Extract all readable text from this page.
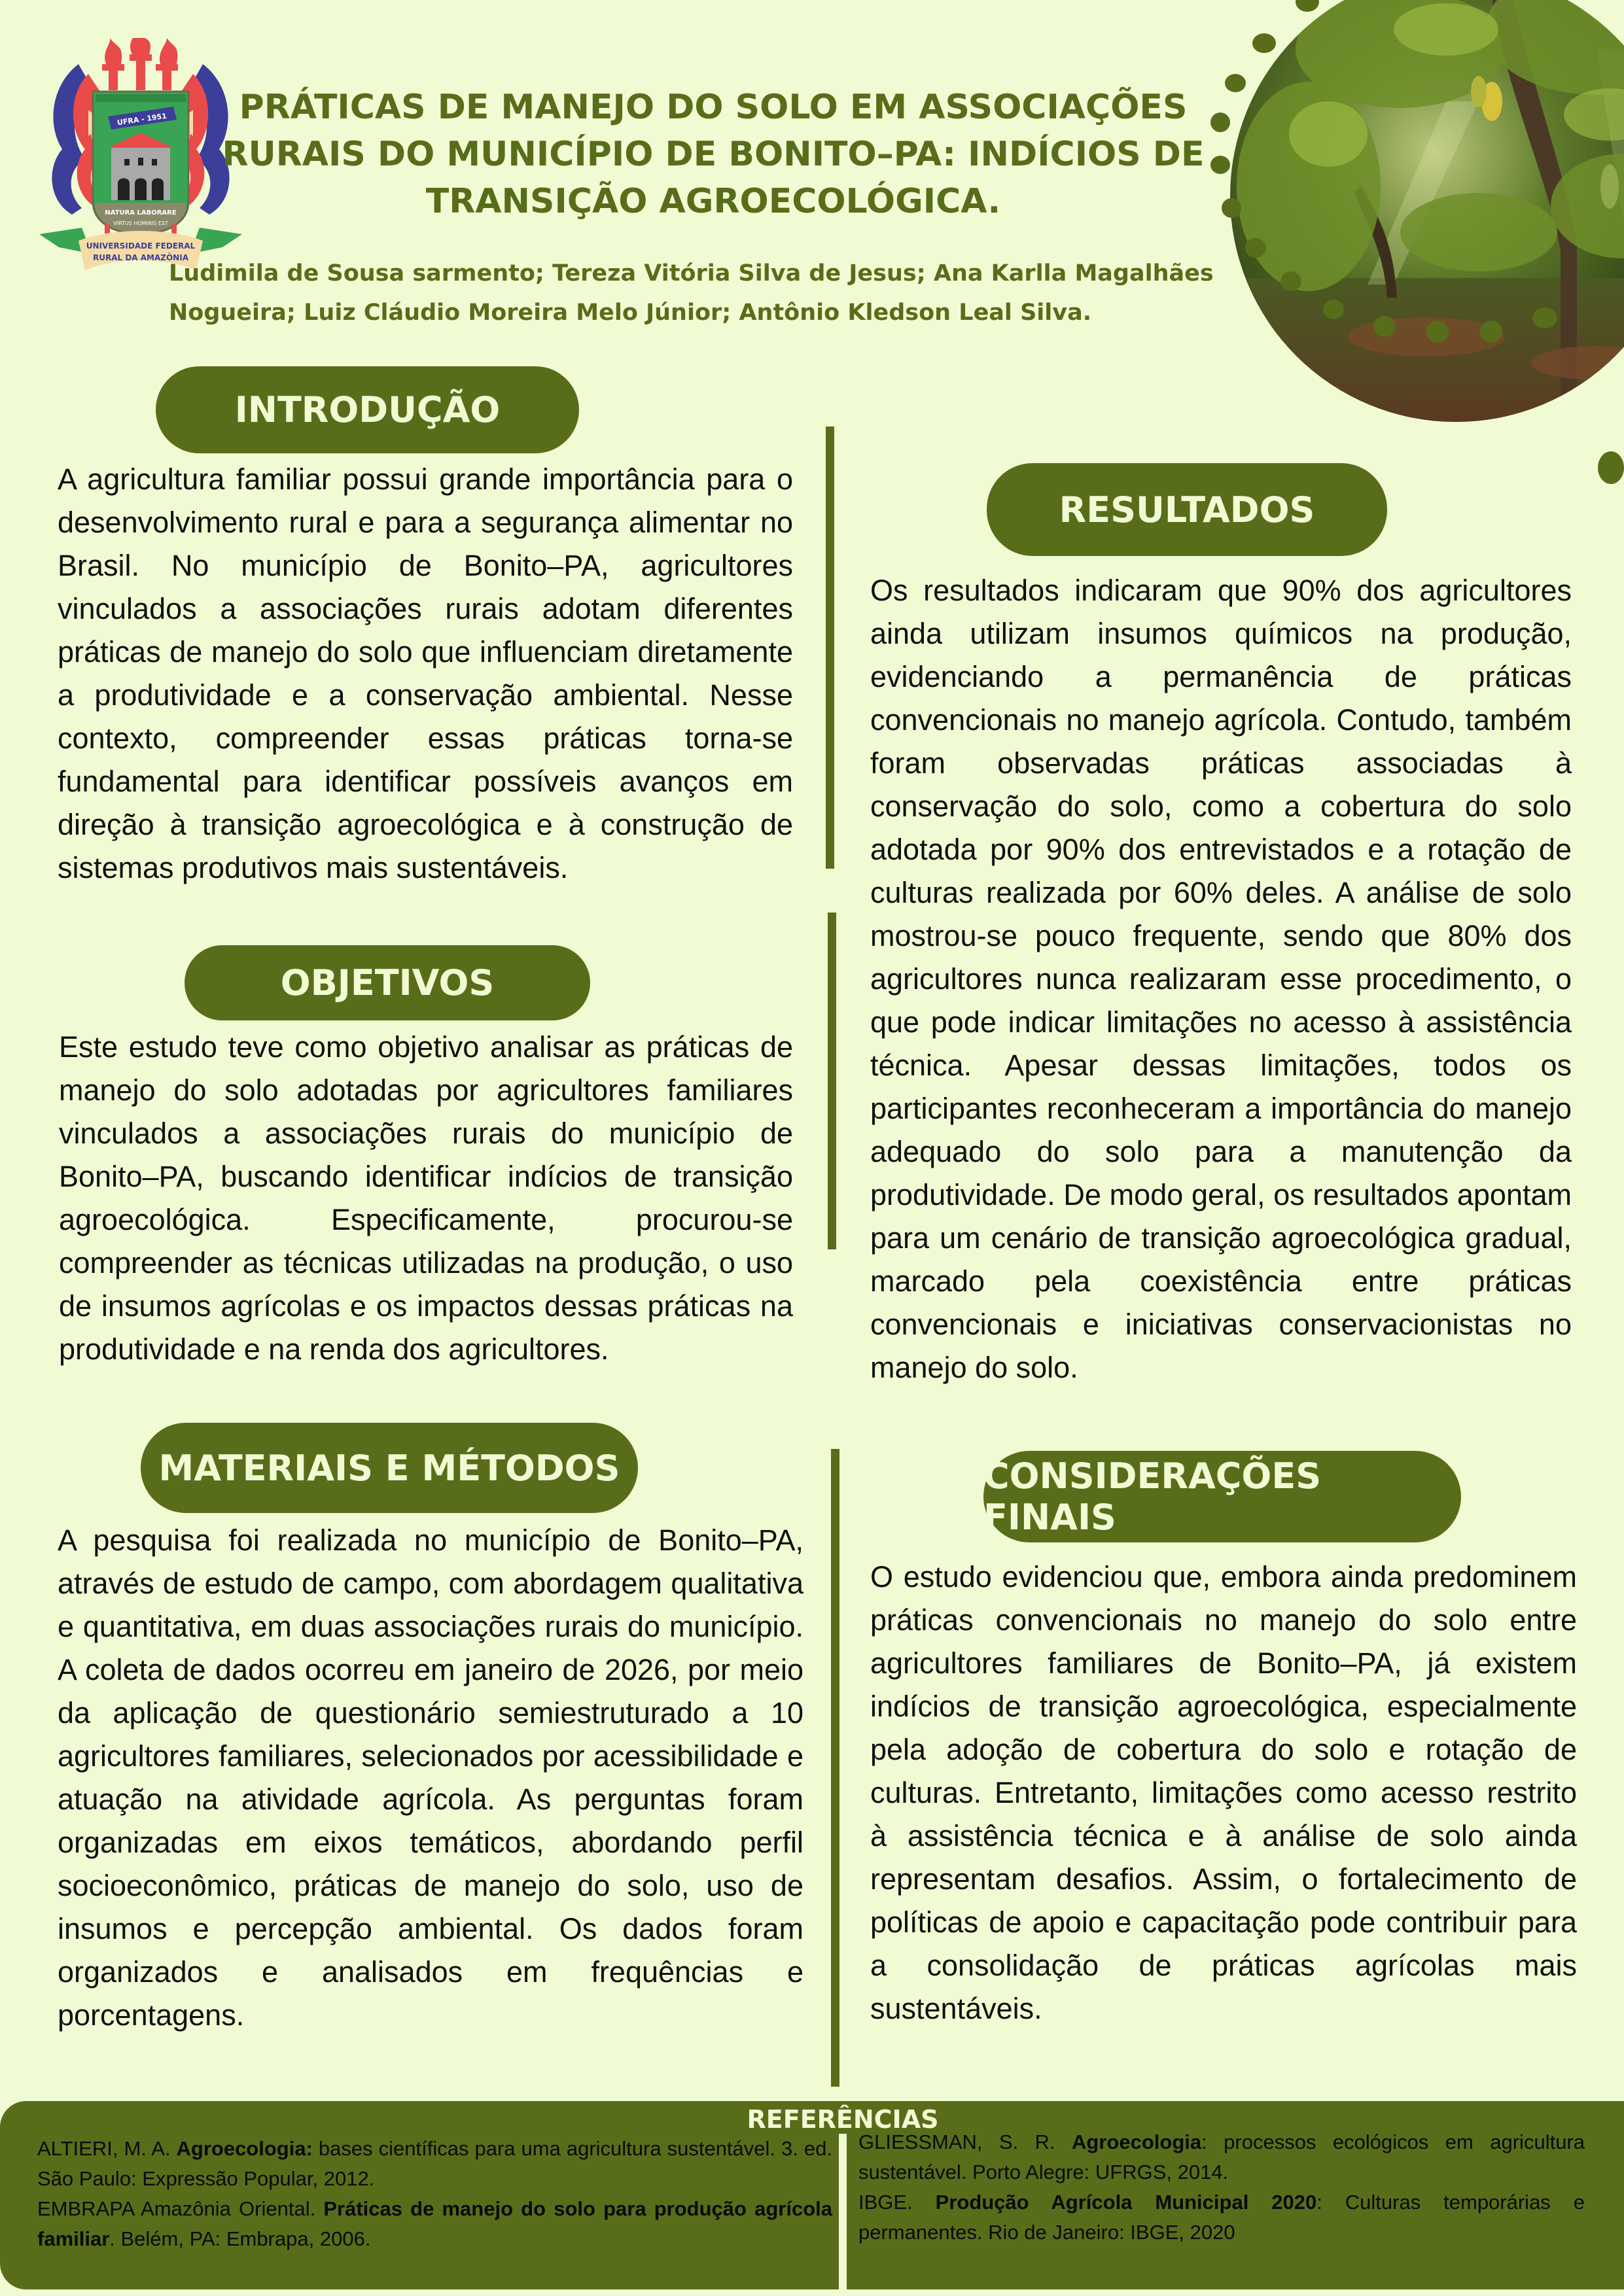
UFRA - 1951
NATURA LABORARE
VIRTUS HOMINIS EST
UNIVERSIDADE FEDERAL
RURAL DA AMAZÔNIA
PRÁTICAS DE MANEJO DO SOLO EM ASSOCIAÇÕES
RURAIS DO MUNICÍPIO DE BONITO–PA: INDÍCIOS DE
TRANSIÇÃO AGROECOLÓGICA.
Ludimila de Sousa sarmento; Tereza Vitória Silva de Jesus; Ana Karlla Magalhães
Nogueira; Luiz Cláudio Moreira Melo Júnior; Antônio Kledson Leal Silva.
INTRODUÇÃO
A agricultura familiar possui grande importância para o desenvolvimento rural e para a segurança alimentar no Brasil. No município de Bonito–PA, agricultores vinculados a associações rurais adotam diferentes práticas de manejo do solo que influenciam diretamente a produtividade e a conservação ambiental. Nesse contexto, compreender essas práticas torna-se fundamental para identificar possíveis avanços em direção à transição agroecológica e à construção de sistemas produtivos mais sustentáveis.
OBJETIVOS
Este estudo teve como objetivo analisar as práticas de manejo do solo adotadas por agricultores familiares vinculados a associações rurais do município de Bonito–PA, buscando identificar indícios de transição agroecológica. Especificamente, procurou-se compreender as técnicas utilizadas na produção, o uso de insumos agrícolas e os impactos dessas práticas na produtividade e na renda dos agricultores.
MATERIAIS E MÉTODOS
A pesquisa foi realizada no município de Bonito–PA, através de estudo de campo, com abordagem qualitativa e quantitativa, em duas associações rurais do município. A coleta de dados ocorreu em janeiro de 2026, por meio da aplicação de questionário semiestruturado a 10 agricultores familiares, selecionados por acessibilidade e atuação na atividade agrícola. As perguntas foram organizadas em eixos temáticos, abordando perfil socioeconômico, práticas de manejo do solo, uso de insumos e percepção ambiental. Os dados foram organizados e analisados em frequências e porcentagens.
RESULTADOS
Os resultados indicaram que 90% dos agricultores ainda utilizam insumos químicos na produção, evidenciando a permanência de práticas convencionais no manejo agrícola. Contudo, também foram observadas práticas associadas à conservação do solo, como a cobertura do solo adotada por 90% dos entrevistados e a rotação de culturas realizada por 60% deles. A análise de solo mostrou-se pouco frequente, sendo que 80% dos agricultores nunca realizaram esse procedimento, o que pode indicar limitações no acesso à assistência técnica. Apesar dessas limitações, todos os participantes reconheceram a importância do manejo adequado do solo para a manutenção da produtividade. De modo geral, os resultados apontam para um cenário de transição agroecológica gradual, marcado pela coexistência entre práticas convencionais e iniciativas conservacionistas no manejo do solo.
CONSIDERAÇÕES FINAIS
O estudo evidenciou que, embora ainda predominem práticas convencionais no manejo do solo entre agricultores familiares de Bonito–PA, já existem indícios de transição agroecológica, especialmente pela adoção de cobertura do solo e rotação de culturas. Entretanto, limitações como acesso restrito à assistência técnica e à análise de solo ainda representam desafios. Assim, o fortalecimento de políticas de apoio e capacitação pode contribuir para a consolidação de práticas agrícolas mais sustentáveis.
REFERÊNCIAS
ALTIERI, M. A. Agroecologia: bases científicas para uma agricultura sustentável. 3. ed. São Paulo: Expressão Popular, 2012.
EMBRAPA Amazônia Oriental. Práticas de manejo do solo para produção agrícola familiar. Belém, PA: Embrapa, 2006.
GLIESSMAN, S. R. Agroecologia: processos ecológicos em agricultura sustentável. Porto Alegre: UFRGS, 2014.
IBGE. Produção Agrícola Municipal 2020: Culturas temporárias e permanentes. Rio de Janeiro: IBGE, 2020
